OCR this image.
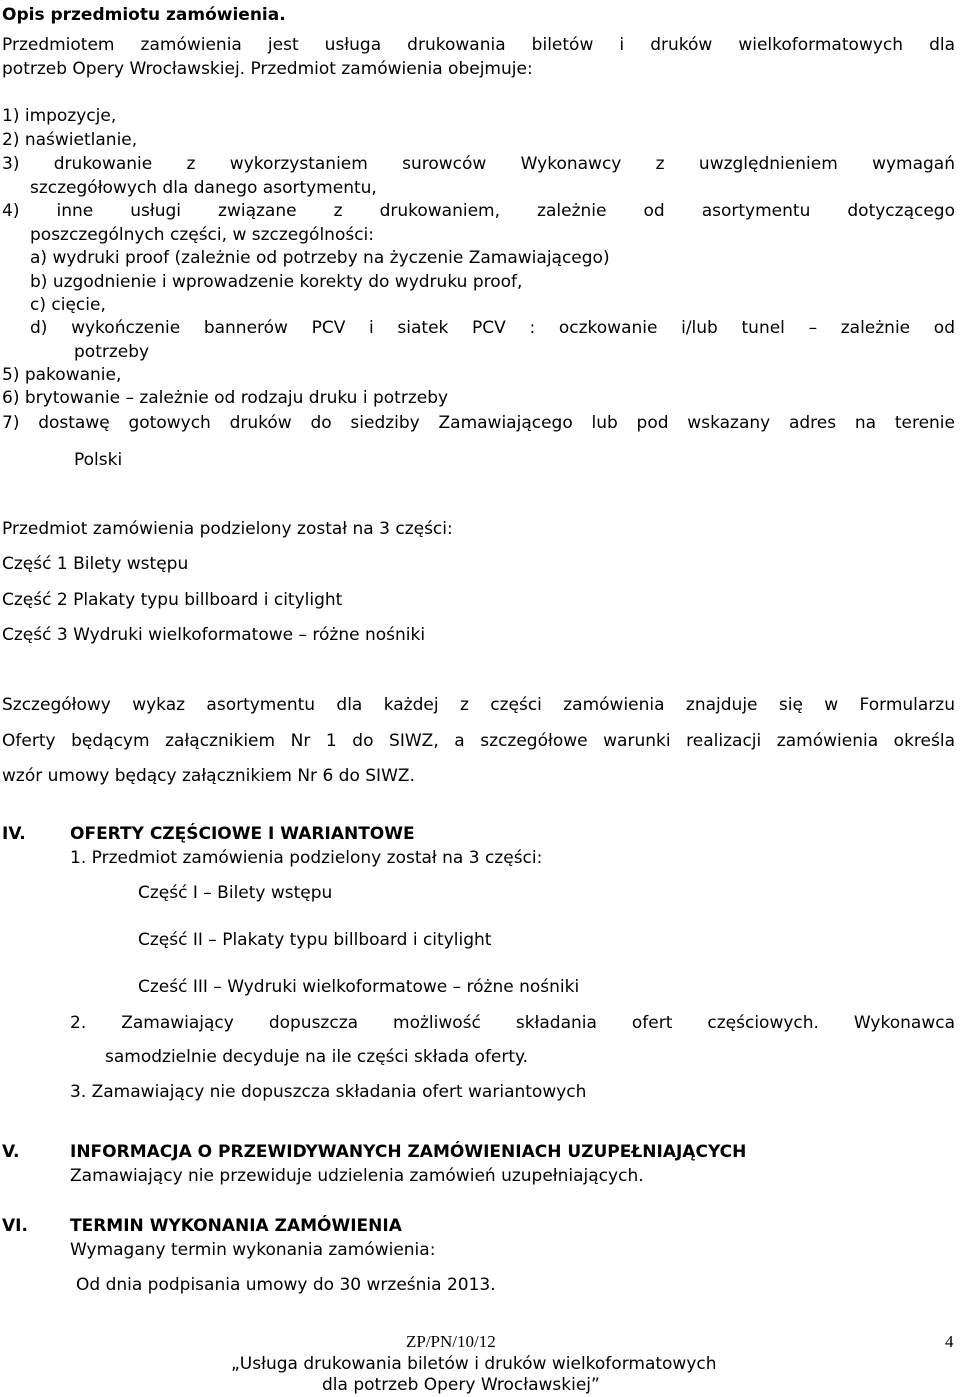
Opis przedmiotu zamówienia.
Przedmiotem zamówienia jest usługa drukowania biletów i druków wielkoformatowych dla
potrzeb Opery Wrocławskiej. Przedmiot zamówienia obejmuje:
1) impozycje,
2) naświetlanie,
3) drukowanie z wykorzystaniem surowców Wykonawcy z uwzględnieniem wymagań
szczegółowych dla danego asortymentu,
4) inne usługi związane z drukowaniem, zależnie od asortymentu dotyczącego
poszczególnych części, w szczególności:
a) wydruki proof (zależnie od potrzeby na życzenie Zamawiającego)
b) uzgodnienie i wprowadzenie korekty do wydruku proof,
c) cięcie,
d) wykończenie bannerów PCV i siatek PCV : oczkowanie i/lub tunel – zależnie od
potrzeby
5) pakowanie,
6) brytowanie – zależnie od rodzaju druku i potrzeby
7) dostawę gotowych druków do siedziby Zamawiającego lub pod wskazany adres na terenie
Polski
Przedmiot zamówienia podzielony został na 3 części:
Część 1 Bilety wstępu
Część 2 Plakaty typu billboard i citylight
Część 3 Wydruki wielkoformatowe – różne nośniki
Szczegółowy wykaz asortymentu dla każdej z części zamówienia znajduje się w Formularzu
Oferty będącym załącznikiem Nr 1 do SIWZ, a szczegółowe warunki realizacji zamówienia określa
wzór umowy będący załącznikiem Nr 6 do SIWZ.
IV.	OFERTY CZĘŚCIOWE I WARIANTOWE
1. Przedmiot zamówienia podzielony został na 3 części:
Część I – Bilety wstępu
Część II – Plakaty typu billboard i citylight
Cześć III – Wydruki wielkoformatowe – różne nośniki
2. Zamawiający dopuszcza możliwość składania ofert częściowych. Wykonawca
samodzielnie decyduje na ile części składa oferty.
3. Zamawiający nie dopuszcza składania ofert wariantowych
V.	INFORMACJA O PRZEWIDYWANYCH ZAMÓWIENIACH UZUPEŁNIAJĄCYCH
Zamawiający nie przewiduje udzielenia zamówień uzupełniających.
VI. TERMIN WYKONANIA ZAMÓWIENIA
Wymagany termin wykonania zamówienia:
Od dnia podpisania umowy do 30 września 2013.
ZP/PN/10/12	4
„Usługa drukowania biletów i druków wielkoformatowych
dla potrzeb Opery Wrocławskiej”
